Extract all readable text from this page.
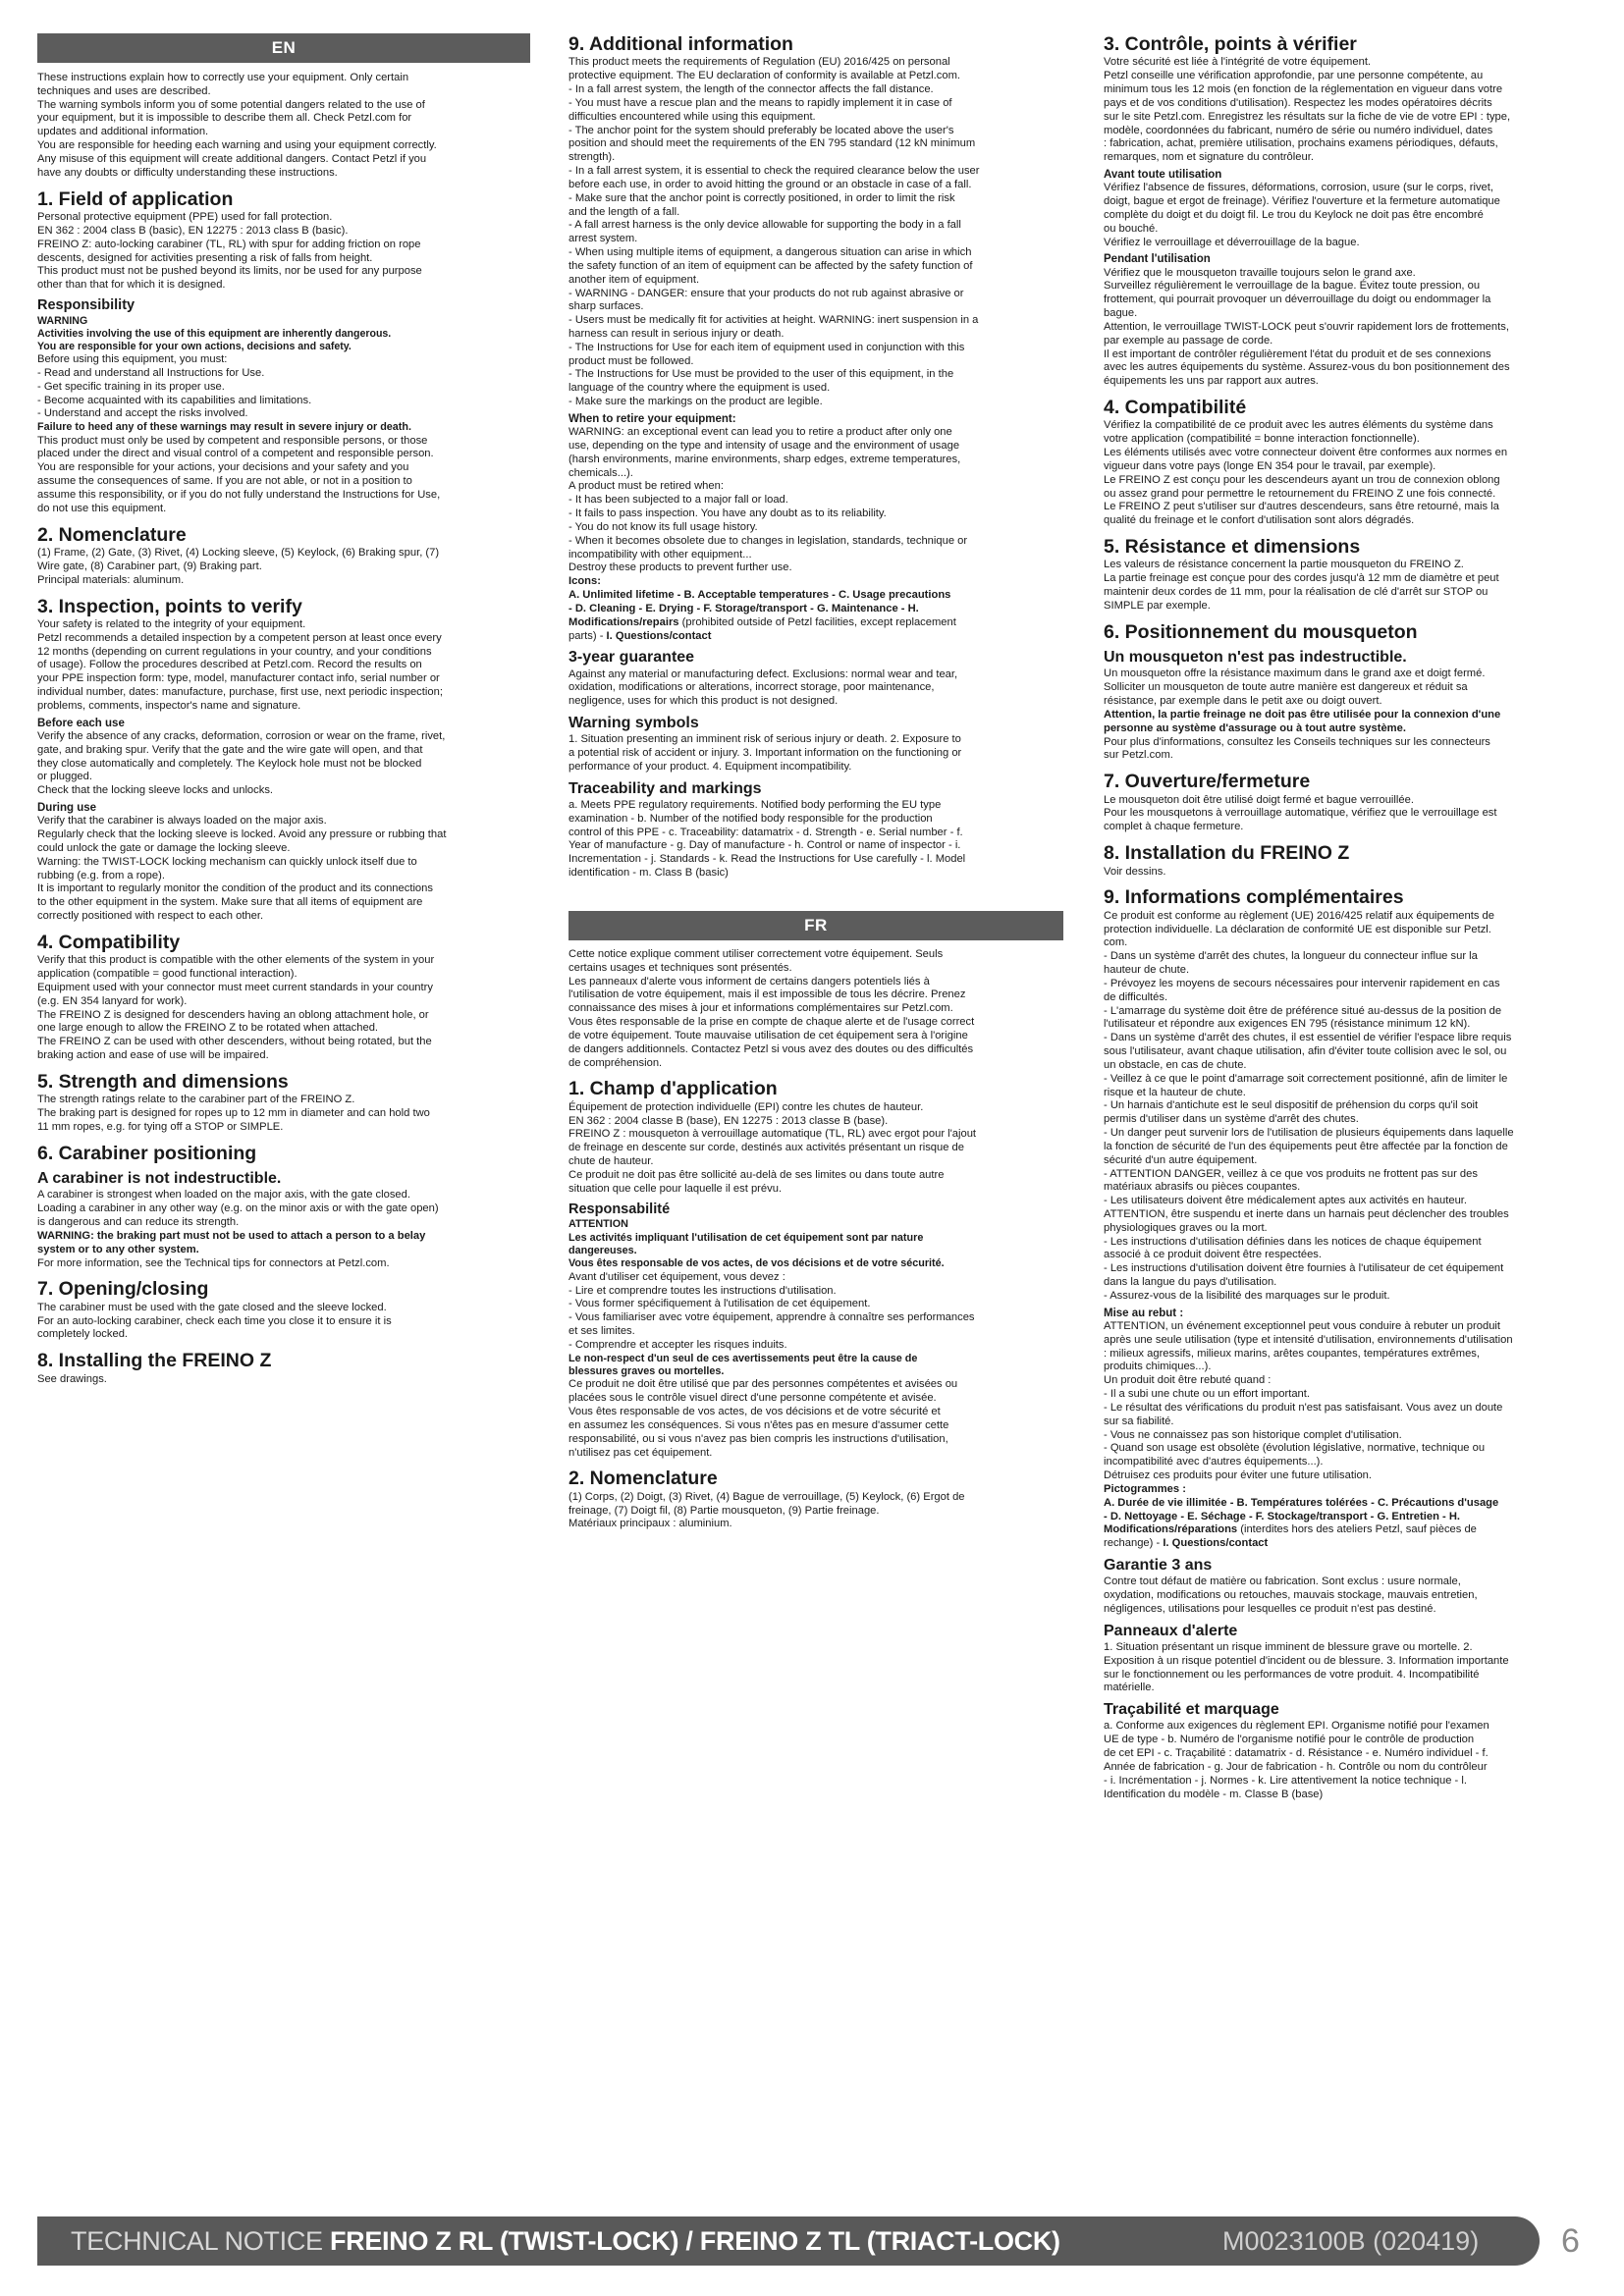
EN

These instructions explain how to correctly use your equipment. Only certain
techniques and uses are described.
The warning symbols inform you of some potential dangers related to the use of
your equipment, but it is impossible to describe them all. Check Petzl.com for
updates and additional information.
You are responsible for heeding each warning and using your equipment correctly.
Any misuse of this equipment will create additional dangers. Contact Petzl if you
have any doubts or difficulty understanding these instructions.

1. Field of application

Personal protective equipment (PPE) used for fall protection.
EN 362 : 2004 class B (basic), EN 12275 : 2013 class B (basic).
FREINO Z: auto-locking carabiner (TL, RL) with spur for adding friction on rope
descents, designed for activities presenting a risk of falls from height.
This product must not be pushed beyond its limits, nor be used for any purpose
other than that for which it is designed.

Responsibility

WARNING
Activities involving the use of this equipment are inherently dangerous.
You are responsible for your own actions, decisions and safety.

Before using this equipment, you must:
- Read and understand all Instructions for Use.
- Get specific training in its proper use.
- Become acquainted with its capabilities and limitations.
- Understand and accept the risks involved.

Failure to heed any of these warnings may result in severe injury or death.

This product must only be used by competent and responsible persons, or those
placed under the direct and visual control of a competent and responsible person.
You are responsible for your actions, your decisions and your safety and you
assume the consequences of same. If you are not able, or not in a position to
assume this responsibility, or if you do not fully understand the Instructions for Use,
do not use this equipment.

2. Nomenclature

(1) Frame, (2) Gate, (3) Rivet, (4) Locking sleeve, (5) Keylock, (6) Braking spur, (7)
Wire gate, (8) Carabiner part, (9) Braking part.
Principal materials: aluminum.

3. Inspection, points to verify

Your safety is related to the integrity of your equipment.
Petzl recommends a detailed inspection by a competent person at least once every
12 months (depending on current regulations in your country, and your conditions
of usage). Follow the procedures described at Petzl.com. Record the results on
your PPE inspection form: type, model, manufacturer contact info, serial number or
individual number, dates: manufacture, purchase, first use, next periodic inspection;
problems, comments, inspector's name and signature.

Before each use

Verify the absence of any cracks, deformation, corrosion or wear on the frame, rivet,
gate, and braking spur. Verify that the gate and the wire gate will open, and that
they close automatically and completely. The Keylock hole must not be blocked
or plugged.
Check that the locking sleeve locks and unlocks.

During use

Verify that the carabiner is always loaded on the major axis.
Regularly check that the locking sleeve is locked. Avoid any pressure or rubbing that
could unlock the gate or damage the locking sleeve.
Warning: the TWIST-LOCK locking mechanism can quickly unlock itself due to
rubbing (e.g. from a rope).
It is important to regularly monitor the condition of the product and its connections
to the other equipment in the system. Make sure that all items of equipment are
correctly positioned with respect to each other.

4. Compatibility

Verify that this product is compatible with the other elements of the system in your
application (compatible = good functional interaction).
Equipment used with your connector must meet current standards in your country
(e.g. EN 354 lanyard for work).
The FREINO Z is designed for descenders having an oblong attachment hole, or
one large enough to allow the FREINO Z to be rotated when attached.
The FREINO Z can be used with other descenders, without being rotated, but the
braking action and ease of use will be impaired.

5. Strength and dimensions

The strength ratings relate to the carabiner part of the FREINO Z.
The braking part is designed for ropes up to 12 mm in diameter and can hold two
11 mm ropes, e.g. for tying off a STOP or SIMPLE.

6. Carabiner positioning
A carabiner is not indestructible.

A carabiner is strongest when loaded on the major axis, with the gate closed.
Loading a carabiner in any other way (e.g. on the minor axis or with the gate open)
is dangerous and can reduce its strength.

WARNING: the braking part must not be used to attach a person to a belay
system or to any other system.

For more information, see the Technical tips for connectors at Petzl.com.

7. Opening/closing

The carabiner must be used with the gate closed and the sleeve locked.
For an auto-locking carabiner, check each time you close it to ensure it is
completely locked.

8. Installing the FREINO Z

See drawings.

9. Additional information

This product meets the requirements of Regulation (EU) 2016/425 on personal
protective equipment. The EU declaration of conformity is available at Petzl.com.
- In a fall arrest system, the length of the connector affects the fall distance.
- You must have a rescue plan and the means to rapidly implement it in case of
difficulties encountered while using this equipment.
- The anchor point for the system should preferably be located above the user's
position and should meet the requirements of the EN 795 standard (12 kN minimum
strength).
- In a fall arrest system, it is essential to check the required clearance below the user
before each use, in order to avoid hitting the ground or an obstacle in case of a fall.
- Make sure that the anchor point is correctly positioned, in order to limit the risk
and the length of a fall.
- A fall arrest harness is the only device allowable for supporting the body in a fall
arrest system.
- When using multiple items of equipment, a dangerous situation can arise in which
the safety function of an item of equipment can be affected by the safety function of
another item of equipment.
- WARNING - DANGER: ensure that your products do not rub against abrasive or
sharp surfaces.
- Users must be medically fit for activities at height. WARNING: inert suspension in a
harness can result in serious injury or death.
- The Instructions for Use for each item of equipment used in conjunction with this
product must be followed.
- The Instructions for Use must be provided to the user of this equipment, in the
language of the country where the equipment is used.
- Make sure the markings on the product are legible.

When to retire your equipment:

WARNING: an exceptional event can lead you to retire a product after only one
use, depending on the type and intensity of usage and the environment of usage
(harsh environments, marine environments, sharp edges, extreme temperatures,
chemicals...).
A product must be retired when:
- It has been subjected to a major fall or load.
- It fails to pass inspection. You have any doubt as to its reliability.
- You do not know its full usage history.
- When it becomes obsolete due to changes in legislation, standards, technique or
incompatibility with other equipment...
Destroy these products to prevent further use.

Icons:
A. Unlimited lifetime - B. Acceptable temperatures - C. Usage precautions
- D. Cleaning - E. Drying - F. Storage/transport - G. Maintenance - H.

Modifications/repairs (prohibited outside of Petzl facilities, except replacement
parts) - I. Questions/contact

3-year guarantee

Against any material or manufacturing defect. Exclusions: normal wear and tear,
oxidation, modifications or alterations, incorrect storage, poor maintenance,
negligence, uses for which this product is not designed.

Warning symbols

1. Situation presenting an imminent risk of serious injury or death. 2. Exposure to
a potential risk of accident or injury. 3. Important information on the functioning or
performance of your product. 4. Equipment incompatibility.

Traceability and markings

a. Meets PPE regulatory requirements. Notified body performing the EU type
examination - b. Number of the notified body responsible for the production
control of this PPE - c. Traceability: datamatrix - d. Strength - e. Serial number - f.
Year of manufacture - g. Day of manufacture - h. Control or name of inspector - i.
Incrementation - j. Standards - k. Read the Instructions for Use carefully - l. Model
identification - m. Class B (basic)

FR

Cette notice explique comment utiliser correctement votre équipement. Seuls
certains usages et techniques sont présentés.
Les panneaux d'alerte vous informent de certains dangers potentiels liés à
l'utilisation de votre équipement, mais il est impossible de tous les décrire. Prenez
connaissance des mises à jour et informations complémentaires sur Petzl.com.
Vous êtes responsable de la prise en compte de chaque alerte et de l'usage correct
de votre équipement. Toute mauvaise utilisation de cet équipement sera à l'origine
de dangers additionnels. Contactez Petzl si vous avez des doutes ou des difficultés
de compréhension.

1. Champ d'application

Équipement de protection individuelle (EPI) contre les chutes de hauteur.
EN 362 : 2004 classe B (base), EN 12275 : 2013 classe B (base).
FREINO Z : mousqueton à verrouillage automatique (TL, RL) avec ergot pour l'ajout
de freinage en descente sur corde, destinés aux activités présentant un risque de
chute de hauteur.
Ce produit ne doit pas être sollicité au-delà de ses limites ou dans toute autre
situation que celle pour laquelle il est prévu.

Responsabilité

ATTENTION
Les activités impliquant l'utilisation de cet équipement sont par nature
dangereuses.
Vous êtes responsable de vos actes, de vos décisions et de votre sécurité.

Avant d'utiliser cet équipement, vous devez :
- Lire et comprendre toutes les instructions d'utilisation.
- Vous former spécifiquement à l'utilisation de cet équipement.
- Vous familiariser avec votre équipement, apprendre à connaître ses performances
et ses limites.
- Comprendre et accepter les risques induits.

Le non-respect d'un seul de ces avertissements peut être la cause de
blessures graves ou mortelles.

Ce produit ne doit être utilisé que par des personnes compétentes et avisées ou
placées sous le contrôle visuel direct d'une personne compétente et avisée.
Vous êtes responsable de vos actes, de vos décisions et de votre sécurité et
en assumez les conséquences. Si vous n'êtes pas en mesure d'assumer cette
responsabilité, ou si vous n'avez pas bien compris les instructions d'utilisation,
n'utilisez pas cet équipement.

2. Nomenclature

(1) Corps, (2) Doigt, (3) Rivet, (4) Bague de verrouillage, (5) Keylock, (6) Ergot de
freinage, (7) Doigt fil, (8) Partie mousqueton, (9) Partie freinage.
Matériaux principaux : aluminium.

3. Contrôle, points à vérifier

Votre sécurité est liée à l'intégrité de votre équipement.
Petzl conseille une vérification approfondie, par une personne compétente, au
minimum tous les 12 mois (en fonction de la réglementation en vigueur dans votre
pays et de vos conditions d'utilisation). Respectez les modes opératoires décrits
sur le site Petzl.com. Enregistrez les résultats sur la fiche de vie de votre EPI : type,
modèle, coordonnées du fabricant, numéro de série ou numéro individuel, dates
: fabrication, achat, première utilisation, prochains examens périodiques, défauts,
remarques, nom et signature du contrôleur.

Avant toute utilisation

Vérifiez l'absence de fissures, déformations, corrosion, usure (sur le corps, rivet,
doigt, bague et ergot de freinage). Vérifiez l'ouverture et la fermeture automatique
complète du doigt et du doigt fil. Le trou du Keylock ne doit pas être encombré
ou bouché.
Vérifiez le verrouillage et déverrouillage de la bague.

Pendant l'utilisation

Vérifiez que le mousqueton travaille toujours selon le grand axe.
Surveillez régulièrement le verrouillage de la bague. Évitez toute pression, ou
frottement, qui pourrait provoquer un déverrouillage du doigt ou endommager la
bague.
Attention, le verrouillage TWIST-LOCK peut s'ouvrir rapidement lors de frottements,
par exemple au passage de corde.
Il est important de contrôler régulièrement l'état du produit et de ses connexions
avec les autres équipements du système. Assurez-vous du bon positionnement des
équipements les uns par rapport aux autres.

4. Compatibilité

Vérifiez la compatibilité de ce produit avec les autres éléments du système dans
votre application (compatibilité = bonne interaction fonctionnelle).
Les éléments utilisés avec votre connecteur doivent être conformes aux normes en
vigueur dans votre pays (longe EN 354 pour le travail, par exemple).
Le FREINO Z est conçu pour les descendeurs ayant un trou de connexion oblong
ou assez grand pour permettre le retournement du FREINO Z une fois connecté.
Le FREINO Z peut s'utiliser sur d'autres descendeurs, sans être retourné, mais la
qualité du freinage et le confort d'utilisation sont alors dégradés.

5. Résistance et dimensions

Les valeurs de résistance concernent la partie mousqueton du FREINO Z.
La partie freinage est conçue pour des cordes jusqu'à 12 mm de diamètre et peut
maintenir deux cordes de 11 mm, pour la réalisation de clé d'arrêt sur STOP ou
SIMPLE par exemple.

6. Positionnement du mousqueton
Un mousqueton n'est pas indestructible.

Un mousqueton offre la résistance maximum dans le grand axe et doigt fermé.
Solliciter un mousqueton de toute autre manière est dangereux et réduit sa
résistance, par exemple dans le petit axe ou doigt ouvert.

Attention, la partie freinage ne doit pas être utilisée pour la connexion d'une
personne au système d'assurage ou à tout autre système.

Pour plus d'informations, consultez les Conseils techniques sur les connecteurs
sur Petzl.com.

7. Ouverture/fermeture

Le mousqueton doit être utilisé doigt fermé et bague verrouillée.
Pour les mousquetons à verrouillage automatique, vérifiez que le verrouillage est
complet à chaque fermeture.

8. Installation du FREINO Z

Voir dessins.

9. Informations complémentaires

Ce produit est conforme au règlement (UE) 2016/425 relatif aux équipements de
protection individuelle. La déclaration de conformité UE est disponible sur Petzl.
com.
- Dans un système d'arrêt des chutes, la longueur du connecteur influe sur la
hauteur de chute.
- Prévoyez les moyens de secours nécessaires pour intervenir rapidement en cas
de difficultés.
- L'amarrage du système doit être de préférence situé au-dessus de la position de
l'utilisateur et répondre aux exigences EN 795 (résistance minimum 12 kN).
- Dans un système d'arrêt des chutes, il est essentiel de vérifier l'espace libre requis
sous l'utilisateur, avant chaque utilisation, afin d'éviter toute collision avec le sol, ou
un obstacle, en cas de chute.
- Veillez à ce que le point d'amarrage soit correctement positionné, afin de limiter le
risque et la hauteur de chute.
- Un harnais d'antichute est le seul dispositif de préhension du corps qu'il soit
permis d'utiliser dans un système d'arrêt des chutes.
- Un danger peut survenir lors de l'utilisation de plusieurs équipements dans laquelle
la fonction de sécurité de l'un des équipements peut être affectée par la fonction de
sécurité d'un autre équipement.
- ATTENTION DANGER, veillez à ce que vos produits ne frottent pas sur des
matériaux abrasifs ou pièces coupantes.
- Les utilisateurs doivent être médicalement aptes aux activités en hauteur.
ATTENTION, être suspendu et inerte dans un harnais peut déclencher des troubles
physiologiques graves ou la mort.
- Les instructions d'utilisation définies dans les notices de chaque équipement
associé à ce produit doivent être respectées.
- Les instructions d'utilisation doivent être fournies à l'utilisateur de cet équipement
dans la langue du pays d'utilisation.
- Assurez-vous de la lisibilité des marquages sur le produit.

Mise au rebut :

ATTENTION, un événement exceptionnel peut vous conduire à rebuter un produit
après une seule utilisation (type et intensité d'utilisation, environnements d'utilisation
: milieux agressifs, milieux marins, arêtes coupantes, températures extrêmes,
produits chimiques...).
Un produit doit être rebuté quand :
- Il a subi une chute ou un effort important.
- Le résultat des vérifications du produit n'est pas satisfaisant. Vous avez un doute
sur sa fiabilité.
- Vous ne connaissez pas son historique complet d'utilisation.
- Quand son usage est obsolète (évolution législative, normative, technique ou
incompatibilité avec d'autres équipements...).
Détruisez ces produits pour éviter une future utilisation.

Pictogrammes :
A. Durée de vie illimitée - B. Températures tolérées - C. Précautions d'usage
- D. Nettoyage - E. Séchage - F. Stockage/transport - G. Entretien - H.

Modifications/réparations (interdites hors des ateliers Petzl, sauf pièces de
rechange) - I. Questions/contact

Garantie 3 ans

Contre tout défaut de matière ou fabrication. Sont exclus : usure normale,
oxydation, modifications ou retouches, mauvais stockage, mauvais entretien,
négligences, utilisations pour lesquelles ce produit n'est pas destiné.

Panneaux d'alerte

1. Situation présentant un risque imminent de blessure grave ou mortelle. 2.
Exposition à un risque potentiel d'incident ou de blessure. 3. Information importante
sur le fonctionnement ou les performances de votre produit. 4. Incompatibilité
matérielle.

Traçabilité et marquage

a. Conforme aux exigences du règlement EPI. Organisme notifié pour l'examen
UE de type - b. Numéro de l'organisme notifié pour le contrôle de production
de cet EPI - c. Traçabilité : datamatrix - d. Résistance - e. Numéro individuel - f.
Année de fabrication - g. Jour de fabrication - h. Contrôle ou nom du contrôleur
- i. Incrémentation - j. Normes - k. Lire attentivement la notice technique - l.
Identification du modèle - m. Classe B (base)

TECHNICAL NOTICE FREINO Z RL (TWIST-LOCK) / FREINO Z TL (TRIACT-LOCK)	M0023100B (020419) 6
